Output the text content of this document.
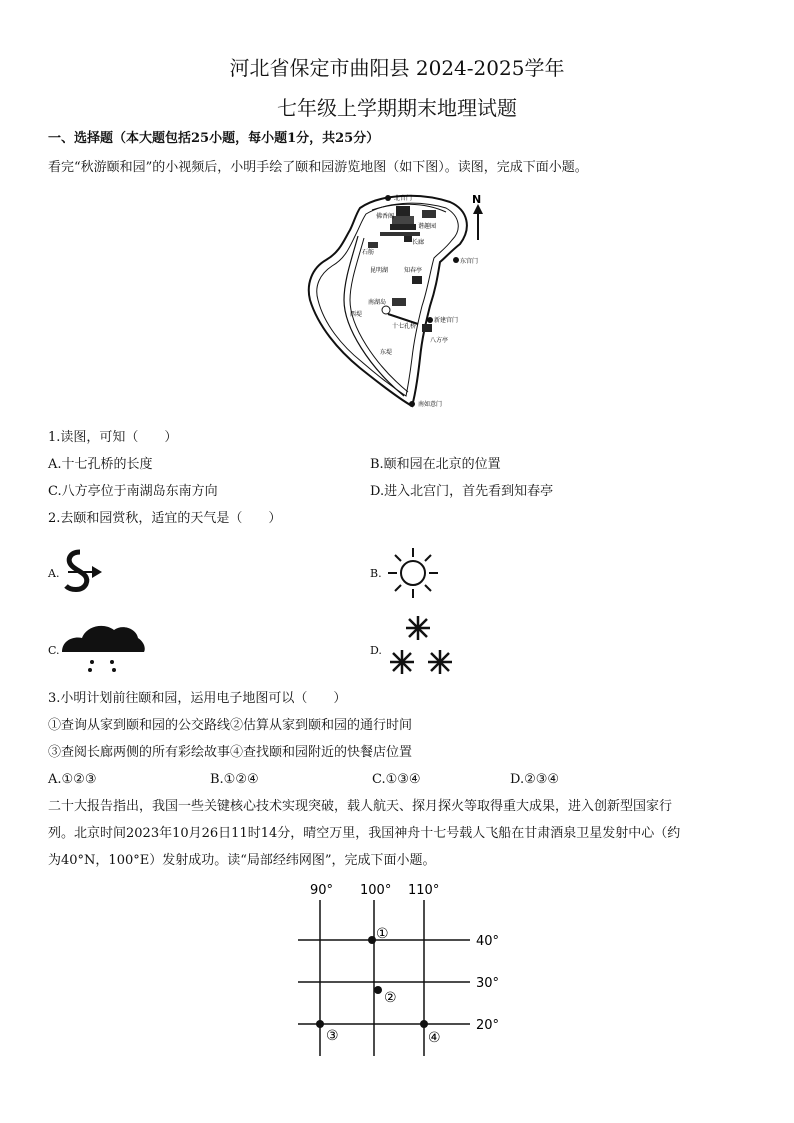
河北省保定市曲阳县 2024-2025学年
七年级上学期期末地理试题
一、选择题（本大题包括25小题，每小题1分，共25分）
看完“秋游颐和园”的小视频后，小明手绘了颐和园游览地图（如下图）。读图，完成下面小题。
N
北宫门
佛香阁
谐趣园
长廊
石舫
东宫门
知春亭
昆明湖
南湖岛
西堤
十七孔桥
新建宫门
八方亭
东堤
南如意门
1.读图，可知（　　）
A.十七孔桥的长度	B.颐和园在北京的位置
C.八方亭位于南湖岛东南方向	D.进入北宫门，首先看到知春亭
2.去颐和园赏秋，适宜的天气是（　　）
A.	B.
C.	D.
3.小明计划前往颐和园，运用电子地图可以（　　）
①查询从家到颐和园的公交路线②估算从家到颐和园的通行时间
③查阅长廊两侧的所有彩绘故事④查找颐和园附近的快餐店位置
A.①②③	B.①②④	C.①③④	D.②③④
二十大报告指出，我国一些关键核心技术实现突破，载人航天、探月探火等取得重大成果，进入创新型国家行
列。北京时间2023年10月26日11时14分，晴空万里，我国神舟十七号载人飞船在甘肃酒泉卫星发射中心（约
为40°N，100°E）发射成功。读“局部经纬网图”，完成下面小题。
90° 100° 110°
40°
30°
20°
①
②
③	④
